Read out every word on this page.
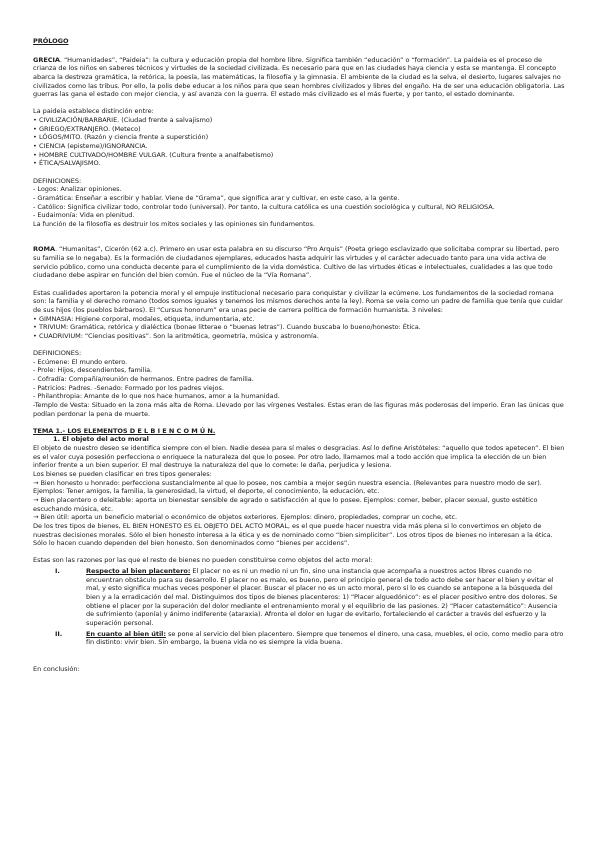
PRÓLOGO

GRECIA. “Humanidades”, “Paideia”: la cultura y educación propia del hombre libre. Significa también “educación” o “formación”. La paideia es el proceso de crianza de los niños en saberes técnicos y virtudes de la sociedad civilizada. Es necesario para que en las ciudades haya ciencia y esta se mantenga. El concepto abarca la destreza gramática, la retórica, la poesía, las matemáticas, la filosofía y la gimnasia. El ambiente de la ciudad es la selva, el desierto, lugares salvajes no civilizados como las tribus. Por ello, la polis debe educar a los niños para que sean hombres civilizados y libres del engaño. Ha de ser una educación obligatoria. Las guerras las gana el estado con mejor ciencia, y así avanza con la guerra. El estado más civilizado es el más fuerte, y por tanto, el estado dominante.

La paideia establece distinción entre:

• CIVILIZACIÓN/BARBARIE. (Ciudad frente a salvajismo)
• GRIEGO/EXTRANJERO. (Meteco)
• LÓGOS/MITO. (Razón y ciencia frente a superstición)
• CIENCIA (episteme)/IGNORANCIA.
• HOMBRE CULTIVADO/HOMBRE VULGAR. (Cultura frente a analfabetismo)
• ÉTICA/SALVAJISMO.

DEFINICIONES:

- Logos: Analizar opiniones.

- Gramática: Enseñar a escribir y hablar. Viene de “Grama”, que significa arar y cultivar, en este caso, a la gente.

- Católico: Significa civilizar todo, controlar todo (universal). Por tanto, la cultura católica es una cuestión sociológica y cultural, NO RELIGIOSA.

- Eudaimonía: Vida en plenitud.

La función de la filosofía es destruir los mitos sociales y las opiniones sin fundamentos.

ROMA. “Humanitas”, Cicerón (62 a.c). Primero en usar esta palabra en su discurso “Pro Arquis” (Poeta griego esclavizado que solicitaba comprar su libertad, pero su familia se lo negaba). Es la formación de ciudadanos ejemplares, educados hasta adquirir las virtudes y el carácter adecuado tanto para una vida activa de servicio público, como una conducta decente para el cumplimiento de la vida doméstica. Cultivo de las virtudes éticas e intelectuales, cualidades a las que todo ciudadano debe aspirar en función del bien común. Fue el núcleo de la “Vía Romana”.

Estas cualidades aportaron la potencia moral y el empuje institucional necesario para conquistar y civilizar la ecúmene. Los fundamentos de la sociedad romana son: la familia y el derecho romano (todos somos iguales y tenemos los mismos derechos ante la ley). Roma se veía como un padre de familia que tenía que cuidar de sus hijos (los pueblos bárbaros). El “Cursus honorum” era unas pecie de carrera política de formación humanista. 3 niveles:

• GIMNASIA: Higiene corporal, modales, etiqueta, indumentaria, etc.
• TRIVIUM: Gramática, retórica y dialéctica (bonae litterae o “buenas letras”). Cuando buscaba lo bueno/honesto: Ética.
• CUADRIVIUM: “Ciencias positivas”. Son la aritmética, geometría, música y astronomía.

DEFINICIONES:

- Ecúmene: El mundo entero.

- Prole: Hijos, descendientes, familia.

- Cofradía: Compañía/reunión de hermanos. Entre padres de familia.

- Patricios: Padres. -Senado: Formado por los padres viejos.

- Philanthropia: Amante de lo que nos hace humanos, amor a la humanidad.

-Templo de Vesta: Situado en la zona más alta de Roma. Llevado por las vírgenes Vestales. Estas eran de las figuras más poderosas del imperio. Eran las únicas que podían perdonar la pena de muerte.

TEMA 1.- LOS ELEMENTOS D E L B I E N C O M Ú N.

1. El objeto del acto moral

El objeto de nuestro deseo se identifica siempre con el bien. Nadie desea para sí males o desgracias. Así lo define Aristóteles: “aquello que todos apetecen”. El bien es el valor cuya posesión perfecciona o enriquece la naturaleza del que lo posee. Por otro lado, llamamos mal a todo acción que implica la elección de un bien inferior frente a un bien superior. El mal destruye la naturaleza del que lo comete: le daña, perjudica y lesiona.

Los bienes se pueden clasificar en tres tipos generales:

→ Bien honesto u honrado: perfecciona sustancialmente al que lo posee, nos cambia a mejor según nuestra esencia. (Relevantes para nuestro modo de ser). Ejemplos: Tener amigos, la familia, la generosidad, la virtud, el deporte, el conocimiento, la educación, etc.

→ Bien placentero o deleitable: aporta un bienestar sensible de agrado o satisfacción al que lo posee. Ejemplos: comer, beber, placer sexual, gusto estético escuchando música, etc.

→ Bien útil: aporta un beneficio material o económico de objetos exteriores. Ejemplos: dinero, propiedades, comprar un coche, etc.

De los tres tipos de bienes, EL BIEN HONESTO ES EL OBJETO DEL ACTO MORAL, es el que puede hacer nuestra vida más plena si lo convertimos en objeto de nuestras decisiones morales. Sólo el bien honesto interesa a la ética y es de nominado como “bien simpliciter”. Los otros tipos de bienes no interesan a la ética. Sólo lo hacen cuando dependen del bien honesto. Son denominados como “bienes per accidens”.

Estas son las razones por las que el resto de bienes no pueden constituirse como objetos del acto moral:

I.	Respecto al bien placentero: El placer no es ni un medio ni un fin, sino una instancia que acompaña a nuestros actos libres cuando no encuentran obstáculo para su desarrollo. El placer no es malo, es bueno, pero el principio general de todo acto debe ser hacer el bien y evitar el mal, y esto significa muchas veces posponer el placer. Buscar el placer no es un acto moral, pero sí lo es cuando se antepone a la búsqueda del bien y a la erradicación del mal. Distinguimos dos tipos de bienes placenteros: 1) “Placer alguedónico”: es el placer positivo entre dos dolores. Se obtiene el placer por la superación del dolor mediante el entrenamiento moral y el equilibrio de las pasiones. 2) “Placer catastemático”: Ausencia de sufrimiento (aponía) y ánimo indiferente (ataraxia). Afronta el dolor en lugar de evitarlo, fortaleciendo el carácter a través del esfuerzo y la superación personal.
II.	En cuanto al bien útil: se pone al servicio del bien placentero. Siempre que tenemos el dinero, una casa, muebles, el ocio, como medio para otro fin distinto: vivir bien. Sin embargo, la buena vida no es siempre la vida buena.

En conclusión:
